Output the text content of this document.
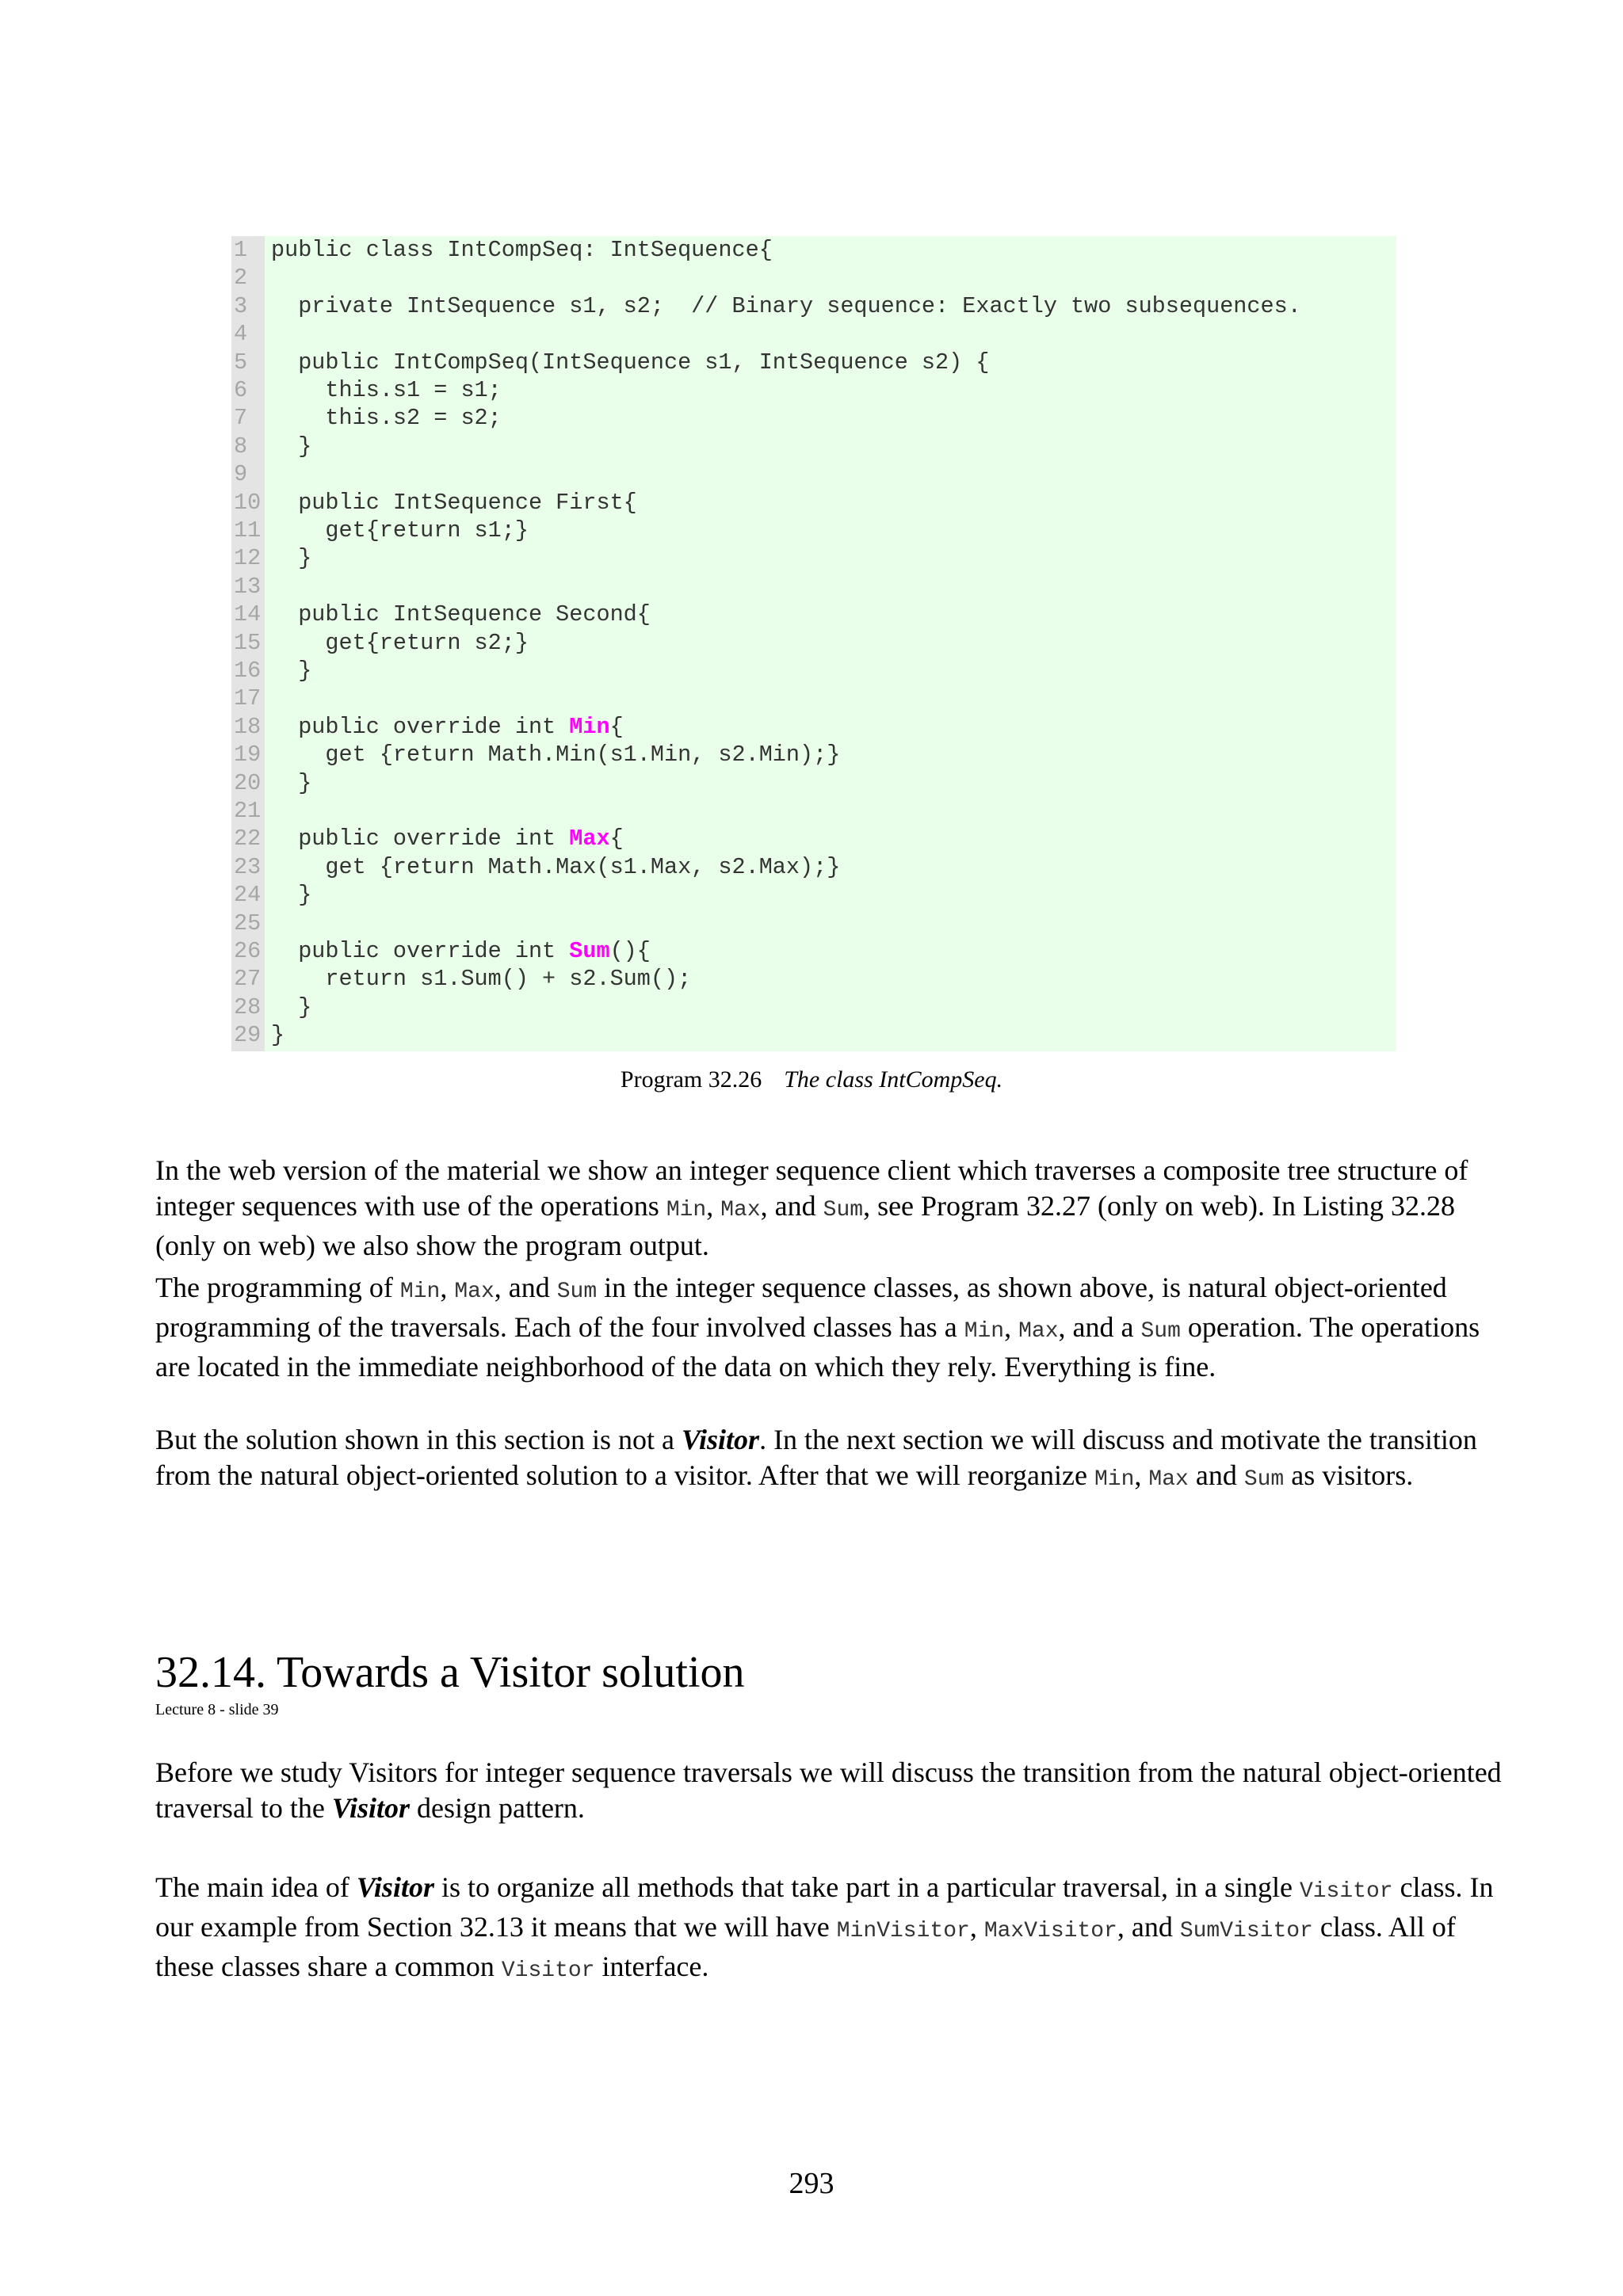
1	public class IntCompSeq: IntSequence{
2
3	private IntSequence s1, s2;  // Binary sequence: Exactly two subsequences.
4
5	public IntCompSeq(IntSequence s1, IntSequence s2) {
6	this.s1 = s1;
7	this.s2 = s2;
8	}
9
10 public IntSequence First{
11 get{return s1;}
12 }
13
14 public IntSequence Second{
15 get{return s2;}
16 }
17
18 public override int Min{
19 get {return Math.Min(s1.Min, s2.Min);}
20 }
21
22 public override int Max{
23 get {return Math.Max(s1.Max, s2.Max);}
24 }
25
26 public override int Sum(){
27 return s1.Sum() + s2.Sum();
28 }
29 }
Program 32.26 The class IntCompSeq.

In the web version of the material we show an integer sequence client which traverses a composite tree structure of integer sequences with use of the operations Min, Max, and Sum, see Program 32.27 (only on web). In Listing 32.28 (only on web) we also show the program output.

The programming of Min, Max, and Sum in the integer sequence classes, as shown above, is natural object-oriented programming of the traversals. Each of the four involved classes has a Min, Max, and a Sum operation. The operations are located in the immediate neighborhood of the data on which they rely. Everything is fine.

But the solution shown in this section is not a Visitor. In the next section we will discuss and motivate the transition from the natural object-oriented solution to a visitor. After that we will reorganize Min, Max and Sum as visitors.

32.14. Towards a Visitor solution
Lecture 8 - slide 39

Before we study Visitors for integer sequence traversals we will discuss the transition from the natural object-oriented traversal to the Visitor design pattern.

The main idea of Visitor is to organize all methods that take part in a particular traversal, in a single Visitor class. In our example from Section 32.13 it means that we will have MinVisitor, MaxVisitor, and SumVisitor class. All of these classes share a common Visitor interface.

293
